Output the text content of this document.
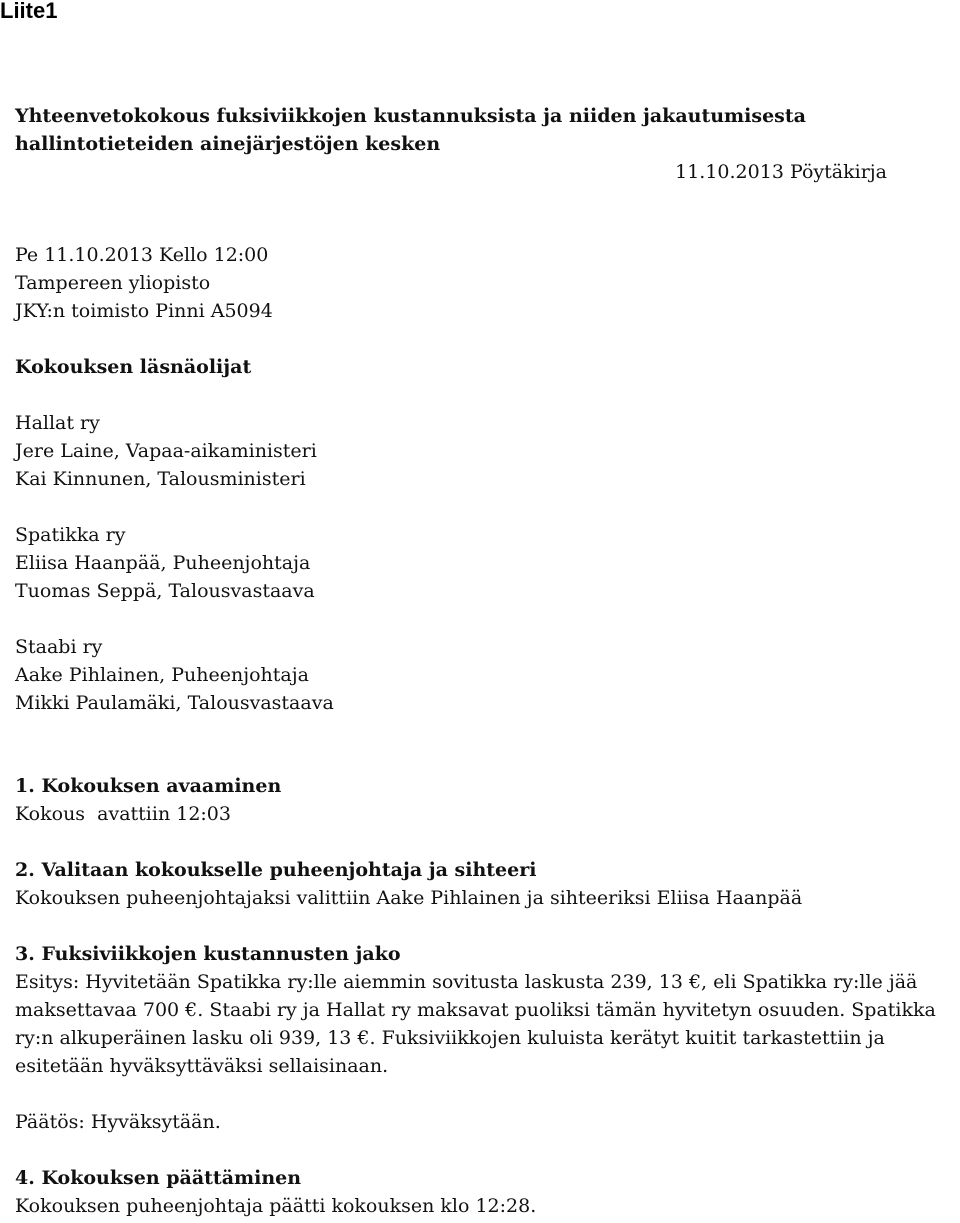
Liite1
Yhteenvetokokous fuksiviikkojen kustannuksista ja niiden jakautumisesta
hallintotieteiden ainejärjestöjen kesken
11.10.2013 Pöytäkirja
Pe 11.10.2013 Kello 12:00
Tampereen yliopisto
JKY:n toimisto Pinni A5094
Kokouksen läsnäolijat
Hallat ry
Jere Laine, Vapaa-aikaministeri
Kai Kinnunen, Talousministeri
Spatikka ry
Eliisa Haanpää, Puheenjohtaja
Tuomas Seppä, Talousvastaava
Staabi ry
Aake Pihlainen, Puheenjohtaja
Mikki Paulamäki, Talousvastaava
1. Kokouksen avaaminen
Kokous  avattiin 12:03
2. Valitaan kokoukselle puheenjohtaja ja sihteeri
Kokouksen puheenjohtajaksi valittiin Aake Pihlainen ja sihteeriksi Eliisa Haanpää
3. Fuksiviikkojen kustannusten jako
Esitys: Hyvitetään Spatikka ry:lle aiemmin sovitusta laskusta 239, 13 €, eli Spatikka ry:lle jää maksettavaa 700 €. Staabi ry ja Hallat ry maksavat puoliksi tämän hyvitetyn osuuden. Spatikka ry:n alkuperäinen lasku oli 939, 13 €. Fuksiviikkojen kuluista kerätyt kuitit tarkastettiin ja esitetään hyväksyttäväksi sellaisinaan.
Päätös: Hyväksytään.
4. Kokouksen päättäminen
Kokouksen puheenjohtaja päätti kokouksen klo 12:28.
